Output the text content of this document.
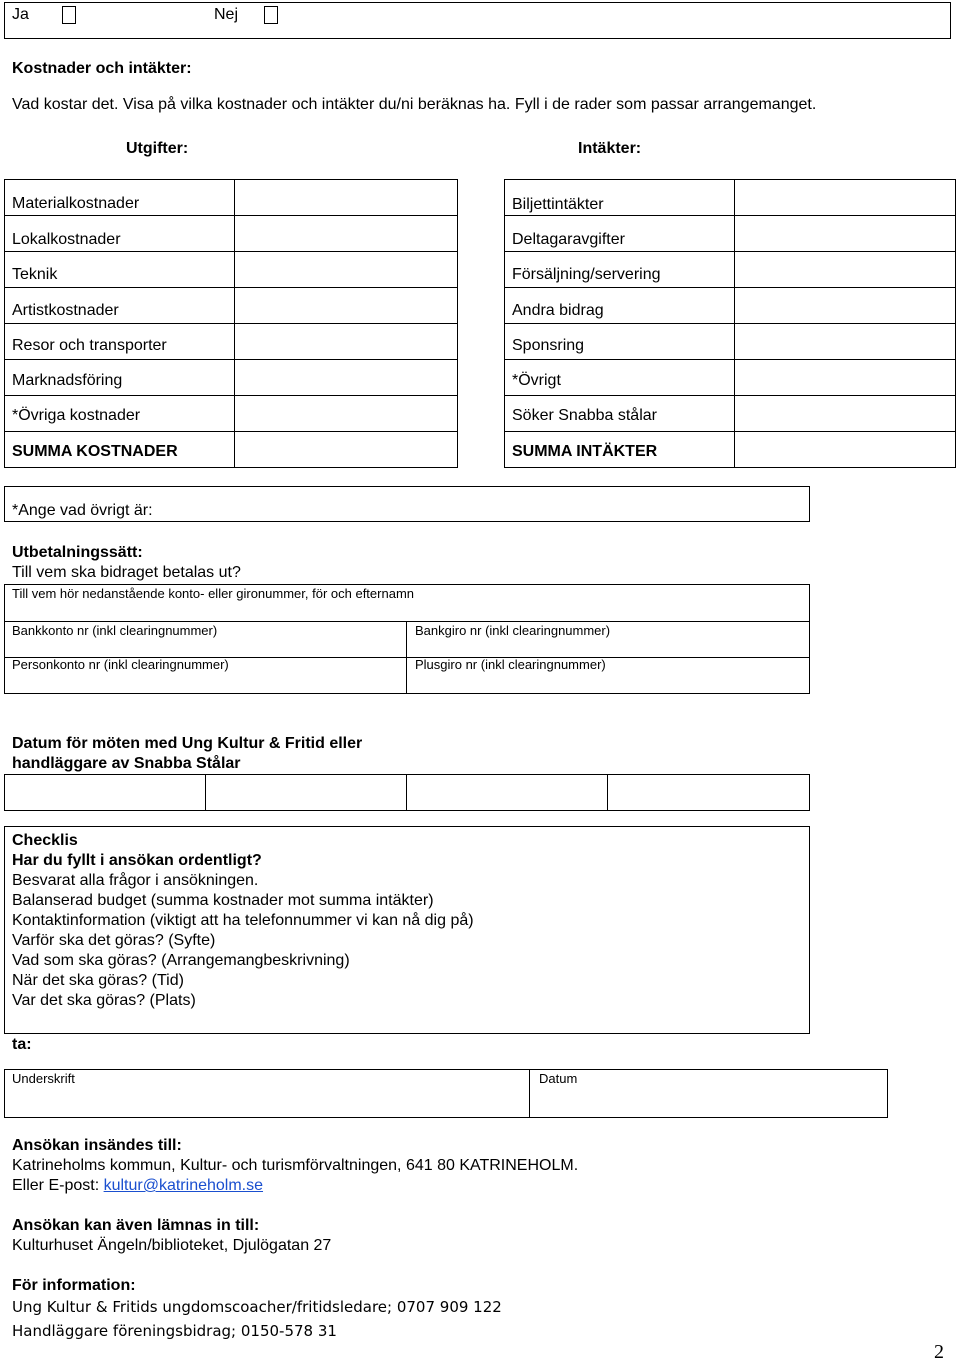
Ja	Nej
Kostnader och intäkter:
Vad kostar det. Visa på vilka kostnader och intäkter du/ni beräknas ha. Fyll i de rader som passar arrangemanget.
Utgifter:	Intäkter:

Materialkostnader
Lokalkostnader
Teknik
Artistkostnader
Resor och transporter
Marknadsföring
*Övriga kostnader
SUMMA KOSTNADER

Biljettintäkter
Deltagaravgifter
Försäljning/servering
Andra bidrag
Sponsring
*Övrigt
Söker Snabba stålar
SUMMA INTÄKTER
*Ange vad övrigt är:
Utbetalningssätt:
Till vem ska bidraget betalas ut?
Till vem hör nedanstående konto- eller gironummer, för och efternamn

Bankkonto nr (inkl clearingnummer)	Bankgiro nr (inkl clearingnummer)
Personkonto nr (inkl clearingnummer)	Plusgiro nr (inkl clearingnummer)
Datum för möten med Ung Kultur & Fritid eller
handläggare av Snabba Stålar

Checklis
Har du fyllt i ansökan ordentligt?
Besvarat alla frågor i ansökningen.
Balanserad budget (summa kostnader mot summa intäkter)
Kontaktinformation (viktigt att ha telefonnummer vi kan nå dig på)
Varför ska det göras? (Syfte)
Vad som ska göras? (Arrangemangbeskrivning)
När det ska göras? (Tid)
Var det ska göras? (Plats)
ta:

Underskrift	Datum
Ansökan insändes till:
Katrineholms kommun, Kultur- och turismförvaltningen, 641 80 KATRINEHOLM.
Eller E-post: kultur@katrineholm.se
Ansökan kan även lämnas in till:
Kulturhuset Ängeln/biblioteket, Djulögatan 27
För information:
Ung Kultur & Fritids ungdomscoacher/fritidsledare; 0707 909 122
Handläggare föreningsbidrag; 0150-578 31
2
